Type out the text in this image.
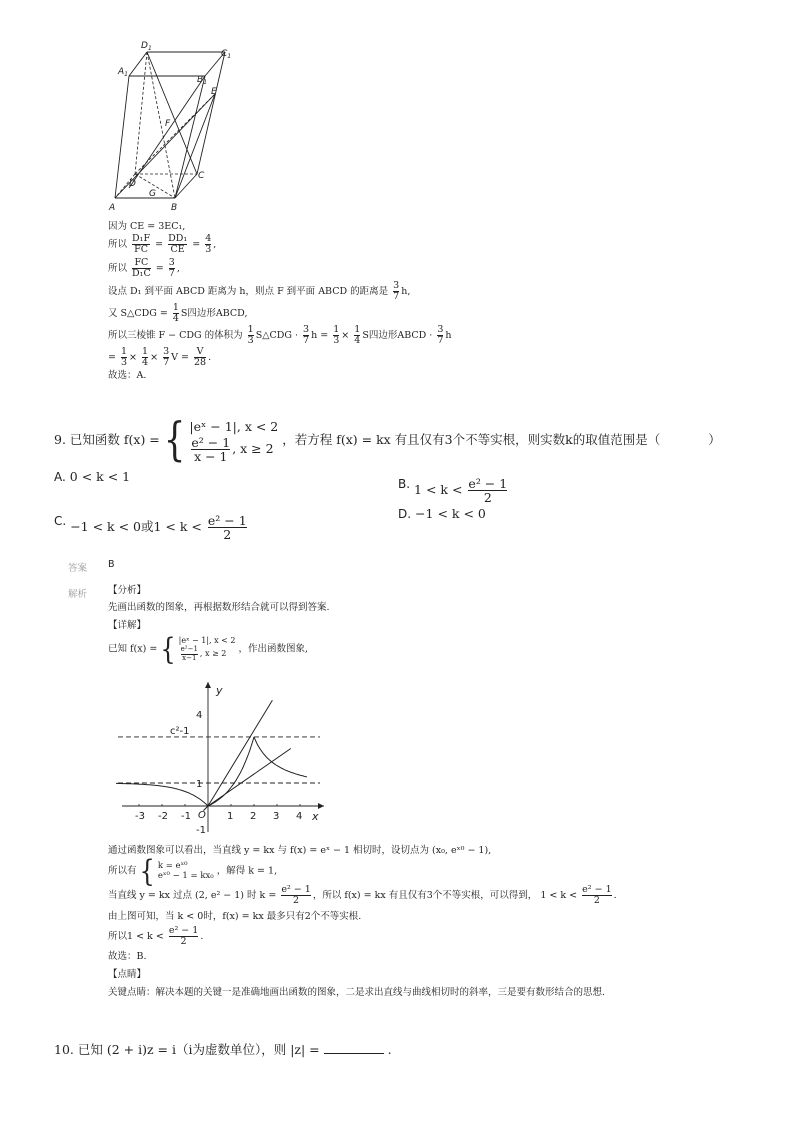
$D_1$
$C_1$
$A_1$
$B_1$
E
F
C
D
G
A	B
因为 CE = 3EC₁,
所以 $\frac{\text{D₁F}}{FC} = \frac{\text{DD₁}}{CE} = \frac{4}{3}$ ,
所以 $\frac{FC}{\text{D₁C}} = \frac{3}{7}$ ,
设点 D₁ 到平面 ABCD 距离为 h，则点 F 到平面 ABCD 的距离是 $\frac{3}{7} h$,
又 S△CDG = $\frac{1}{4}$ S四边形ABCD,
所以三棱锥 F − CDG 的体积为 $\frac{1}{3}$ S△CDG · $\frac{3}{7}$ $h = \frac{1}{3} \times \frac{1}{4}$ S四边形ABCD · $\frac{3}{7}$ h
= $\frac{1}{3} \times \frac{1}{4} \times \frac{3}{7}$ $V = \frac{V}{28}$ .
故选：A.
9. 已知函数 f(x) = { |eˣ − 1|, x < 2
$\frac{\text{e² − 1}}{x - 1}$ , x ≥ 2
，若方程 f(x) = kx 有且仅有3个不等实根，则实数k的取值范围是（	）
A. 0 < k < 1
B. $1 < k < \frac{\text{e² − 1}}{2}$
C. −1 < k < 0或$1 < k < \frac{\text{e² − 1}}{2}$	D. −1 < k < 0
答案 B
解析 【分析】
先画出函数的图象，再根据数形结合就可以得到答案.
【详解】
已知 f(x) = { |eˣ − 1|, x < 2
$\frac{\text{e²−1}}{x-1}$ , x ≥ 2	，作出函数图象,
-3 -2 -1	1 2 3 4
4
1
-1
x
y
O
c²-1
通过函数图象可以看出，当直线 y = kx 与 f(x) = eˣ − 1 相切时，设切点为 (x₀, eˣ⁰ − 1),
所以有 { k = eˣ⁰
eˣ⁰ − 1 = kx₀ ，解得 k = 1,
当直线 y = kx 过点 (2, e² − 1) 时 $k = \frac{\text{e² − 1}}{2}$ ，所以 f(x) = kx 有且仅有3个不等实根，可以得到， $1 < k < \frac{\text{e² − 1}}{2}$ .
由上图可知，当 k < 0时，f(x) = kx 最多只有2个不等实根.
所以$1 < k < \frac{\text{e² − 1}}{2}$ .
故选：B.
【点睛】
关键点睛：解决本题的关键一是准确地画出函数的图象，二是求出直线与曲线相切时的斜率，三是要有数形结合的思想.
10. 已知 (2 + i)z = i（i为虚数单位），则 |z| =	.
